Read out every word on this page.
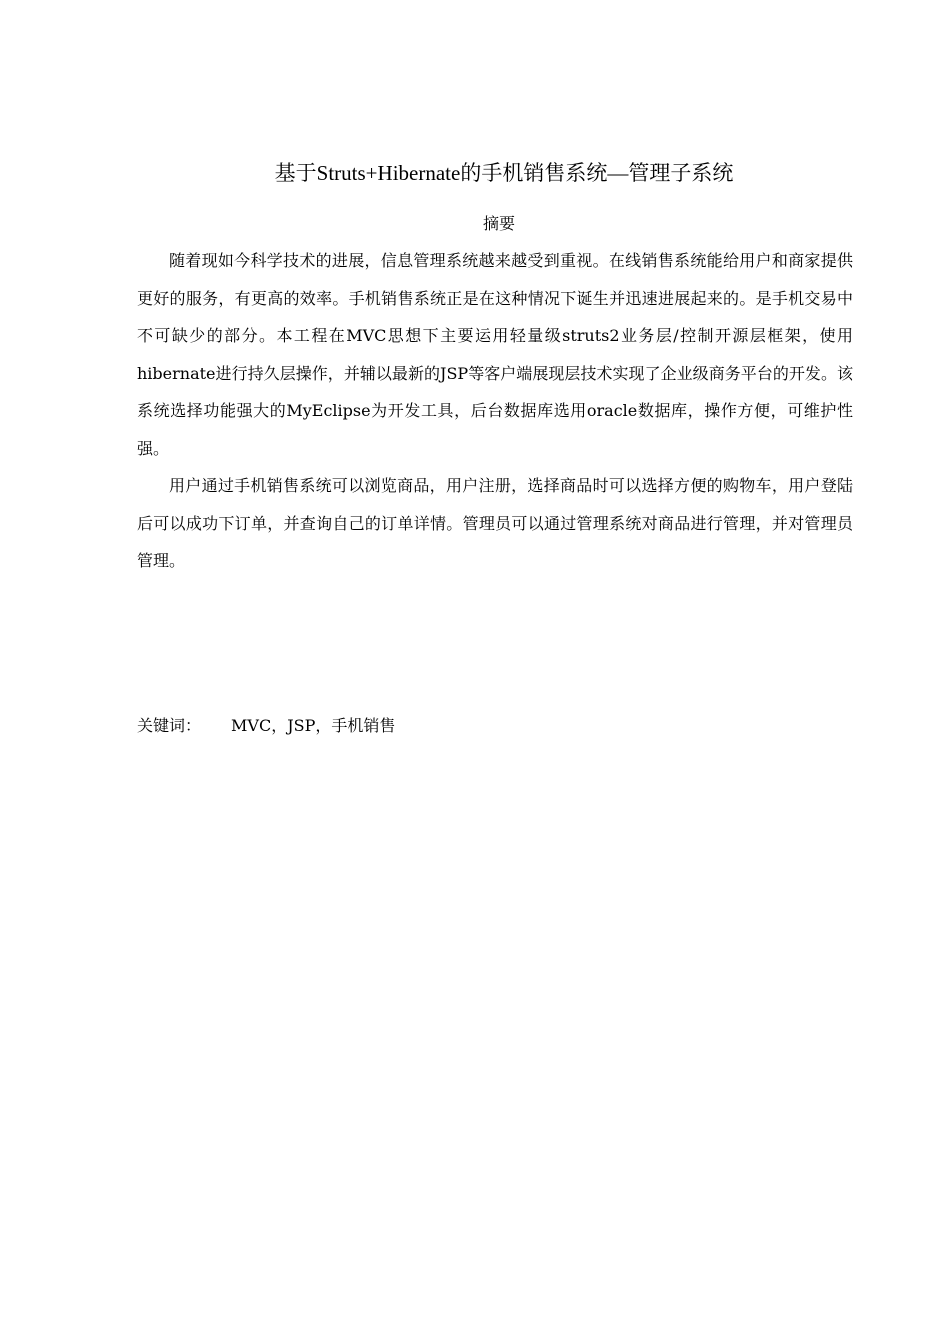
基于Struts+Hibernate的手机销售系统—管理子系统
摘要

随着现如今科学技术的进展，信息管理系统越来越受到重视。在线销售系统能给用户和商家提供更好的服务，有更高的效率。手机销售系统正是在这种情况下诞生并迅速进展起来的。是手机交易中不可缺少的部分。本工程在MVC思想下主要运用轻量级struts2业务层/控制开源层框架，使用hibernate进行持久层操作，并辅以最新的JSP等客户端展现层技术实现了企业级商务平台的开发。该系统选择功能强大的MyEclipse为开发工具，后台数据库选用oracle数据库，操作方便，可维护性强。

用户通过手机销售系统可以浏览商品，用户注册，选择商品时可以选择方便的购物车，用户登陆后可以成功下订单，并查询自己的订单详情。管理员可以通过管理系统对商品进行管理，并对管理员管理。

关键词： MVC，JSP，手机销售
